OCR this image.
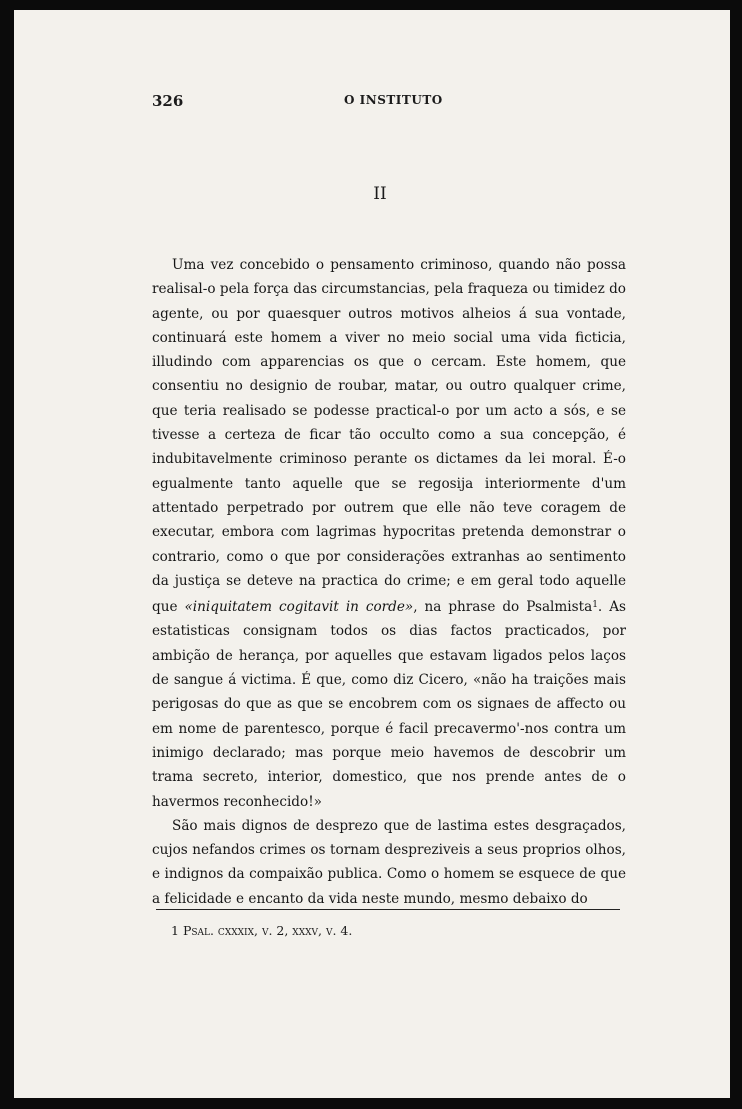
326	O INSTITUTO
II

Uma vez concebido o pensamento criminoso, quando não possa realisal-o pela força das circumstancias, pela fraqueza ou timidez do agente, ou por quaesquer outros motivos alheios á sua vontade, continuará este homem a viver no meio social uma vida ficticia, illudindo com apparencias os que o cercam. Este homem, que consentiu no designio de roubar, matar, ou outro qualquer crime, que teria realisado se podesse practical-o por um acto a sós, e se tivesse a certeza de ficar tão occulto como a sua concepção, é indubitavelmente criminoso perante os dictames da lei moral. É-o egualmente tanto aquelle que se regosija interiormente d'um attentado perpetrado por outrem que elle não teve coragem de executar, embora com lagrimas hypocritas pretenda demonstrar o contrario, como o que por considerações extranhas ao sentimento da justiça se deteve na practica do crime; e em geral todo aquelle que «iniquitatem cogitavit in corde», na phrase do Psalmista$^1$. As estatisticas consignam todos os dias factos practicados, por ambição de herança, por aquelles que estavam ligados pelos laços de sangue á victima. É que, como diz Cicero, «não ha traições mais perigosas do que as que se encobrem com os signaes de affecto ou em nome de parentesco, porque é facil precavermo'-nos contra um inimigo declarado; mas porque meio havemos de descobrir um trama secreto, interior, domestico, que nos prende antes de o havermos reconhecido!»

São mais dignos de desprezo que de lastima estes desgraçados, cujos nefandos crimes os tornam despreziveis a seus proprios olhos, e indignos da compaixão publica. Como o homem se esquece de que a felicidade e encanto da vida neste mundo, mesmo debaixo do

1 Psal. cxxxix, v. 2, xxxv, v. 4.
